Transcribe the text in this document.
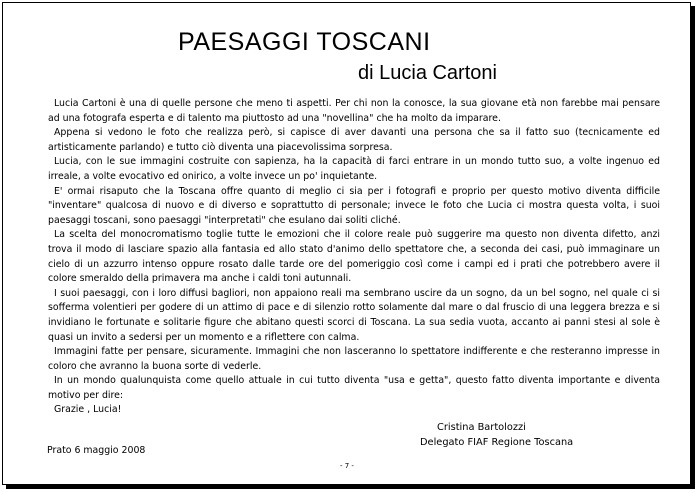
PAESAGGI TOSCANI
di Lucia Cartoni

Lucia Cartoni è una di quelle persone che meno ti aspetti. Per chi non la conosce, la sua giovane età non farebbe mai pensare ad una fotografa esperta e di talento ma piuttosto ad una "novellina" che ha molto da imparare.

Appena si vedono le foto che realizza però, si capisce di aver davanti una persona che sa il fatto suo (tecnicamente ed artisticamente parlando) e tutto ciò diventa una piacevolissima sorpresa.

Lucia, con le sue immagini costruite con sapienza, ha la capacità di farci entrare in un mondo tutto suo, a volte ingenuo ed irreale, a volte evocativo ed onirico, a volte invece un po' inquietante.

E' ormai risaputo che la Toscana offre quanto di meglio ci sia per i fotografi e proprio per questo motivo diventa difficile "inventare" qualcosa di nuovo e di diverso e soprattutto di personale; invece le foto che Lucia ci mostra questa volta, i suoi paesaggi toscani, sono paesaggi "interpretati" che esulano dai soliti cliché.

La scelta del monocromatismo toglie tutte le emozioni che il colore reale può suggerire ma questo non diventa difetto, anzi trova il modo di lasciare spazio alla fantasia ed allo stato d'animo dello spettatore che, a seconda dei casi, può immaginare un cielo di un azzurro intenso oppure rosato dalle tarde ore del pomeriggio così come i campi ed i prati che potrebbero avere il colore smeraldo della primavera ma anche i caldi toni autunnali.

I suoi paesaggi, con i loro diffusi bagliori, non appaiono reali ma sembrano uscire da un sogno, da un bel sogno, nel quale ci si sofferma volentieri per godere di un attimo di pace e di silenzio rotto solamente dal mare o dal fruscio di una leggera brezza e si invidiano le fortunate e solitarie figure che abitano questi scorci di Toscana. La sua sedia vuota, accanto ai panni stesi al sole è quasi un invito a sedersi per un momento e a riflettere con calma.

Immagini fatte per pensare, sicuramente. Immagini che non lasceranno lo spettatore indifferente e che resteranno impresse in coloro che avranno la buona sorte di vederle.

In un mondo qualunquista come quello attuale in cui tutto diventa "usa e getta", questo fatto diventa importante e diventa motivo per dire:

Grazie , Lucia!

Cristina Bartolozzi
Delegato FIAF Regione Toscana
Prato 6 maggio 2008
- 7 -
